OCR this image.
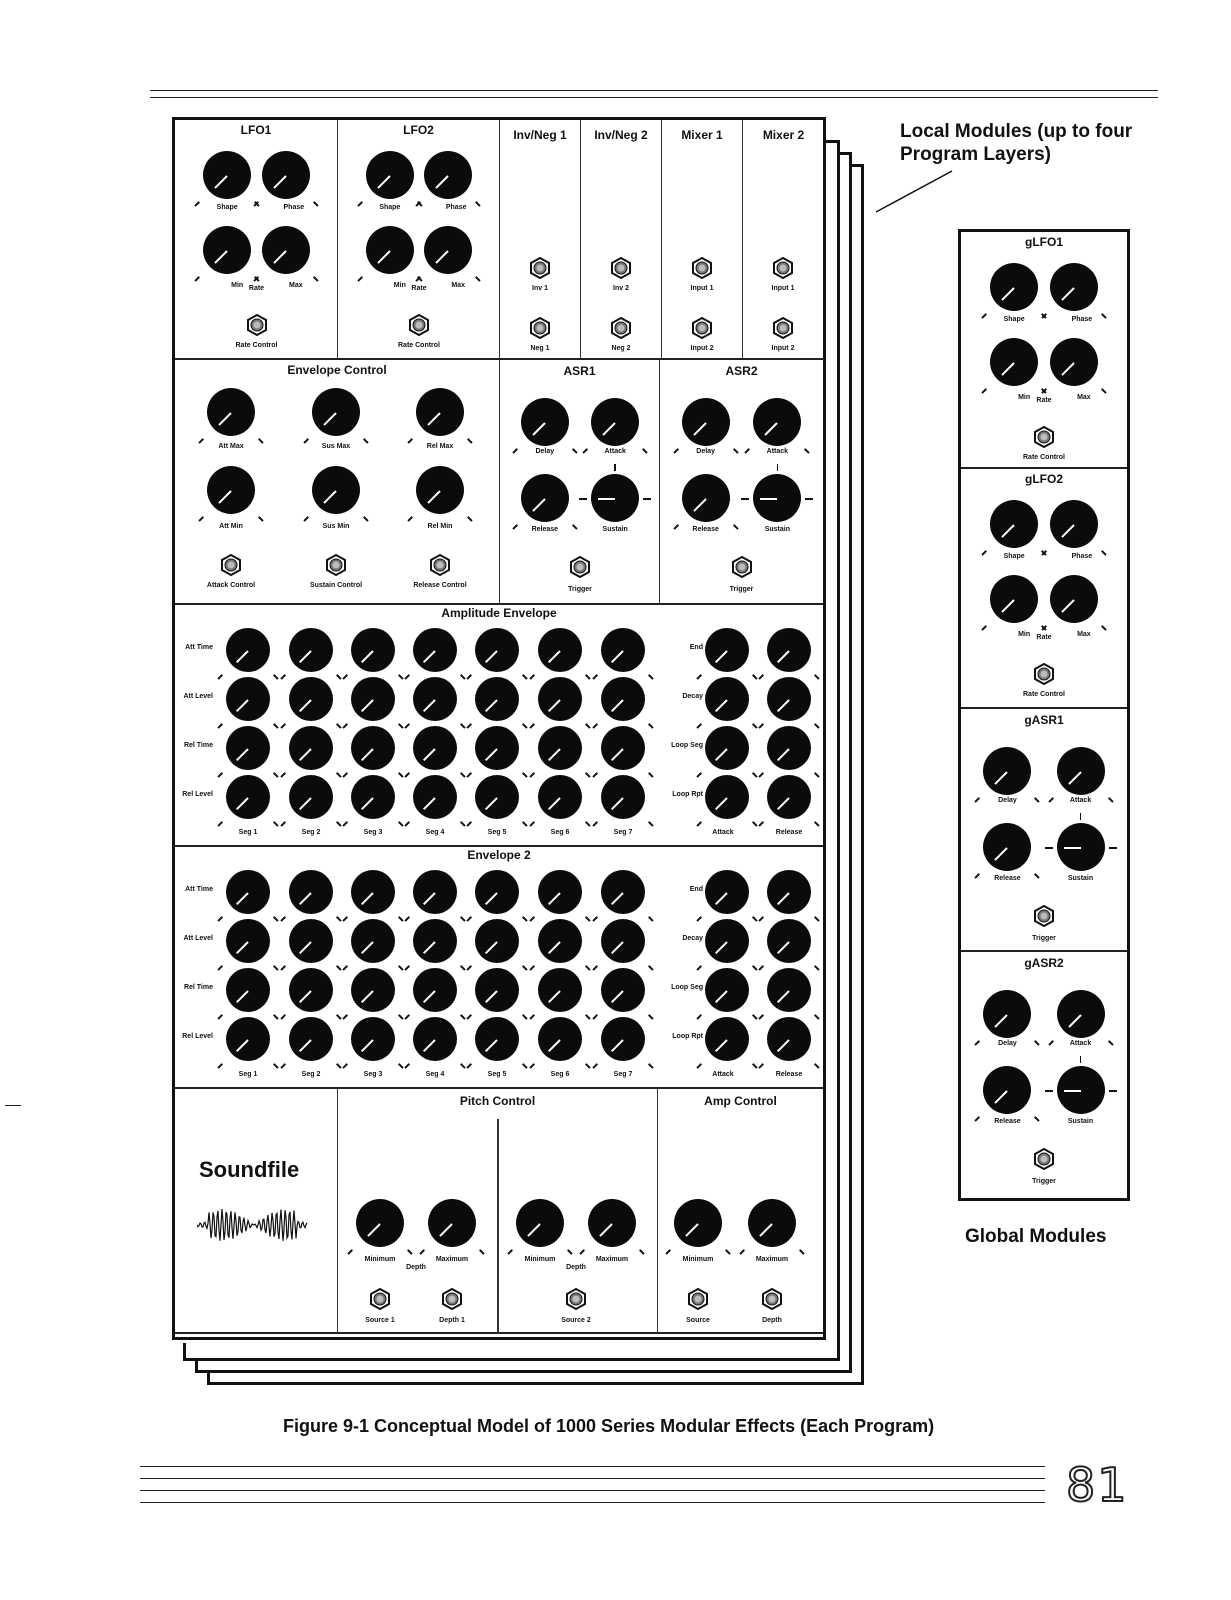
LFO1
Shape	Phase
Min Rate	Max
Rate Control
LFO2
Shape	Phase
Min Rate	Max
Rate Control
Inv/Neg 1
Inv 1
Neg 1
Inv/Neg 2
Inv 2
Neg 2
Mixer 1
Input 1
Input 2
Mixer 2
Input 1
Input 2
Envelope Control
Att Max
Att Min
Attack Control
Sus Max
Sus Min
Sustain Control
Rel Max
Rel Min
Release Control
ASR1
Delay	Attack
Release	Sustain
Trigger
ASR2
Delay	Attack
Release	Sustain
Trigger
Amplitude Envelope
Att Time	End
Att Level	Decay
Rel Time	Loop Seg
Rel Level	Loop Rpt
Seg 1	Seg 2	Seg 3	Seg 4	Seg 5	Seg 6	Seg 7	Attack	Release
Envelope 2
Att Time	End
Att Level	Decay
Rel Time	Loop Seg
Rel Level	Loop Rpt
Seg 1	Seg 2	Seg 3	Seg 4	Seg 5	Seg 6	Seg 7	Attack	Release
Soundfile
Pitch Control
Minimum	Maximum
Depth
Source 1	Depth 1
Minimum	Maximum
Depth
Source 2
Amp Control
Minimum	Maximum
Source	Depth
gLFO1
Shape	Phase
Min Rate	Max
Rate Control
gLFO2
Shape	Phase
Min Rate	Max
Rate Control
gASR1
Delay	Attack
Release	Sustain
Trigger
gASR2
Delay	Attack
Release	Sustain
Trigger
Local Modules (up to four Program Layers)
Global Modules
Figure 9-1 Conceptual Model of 1000 Series Modular Effects (Each Program)
81
